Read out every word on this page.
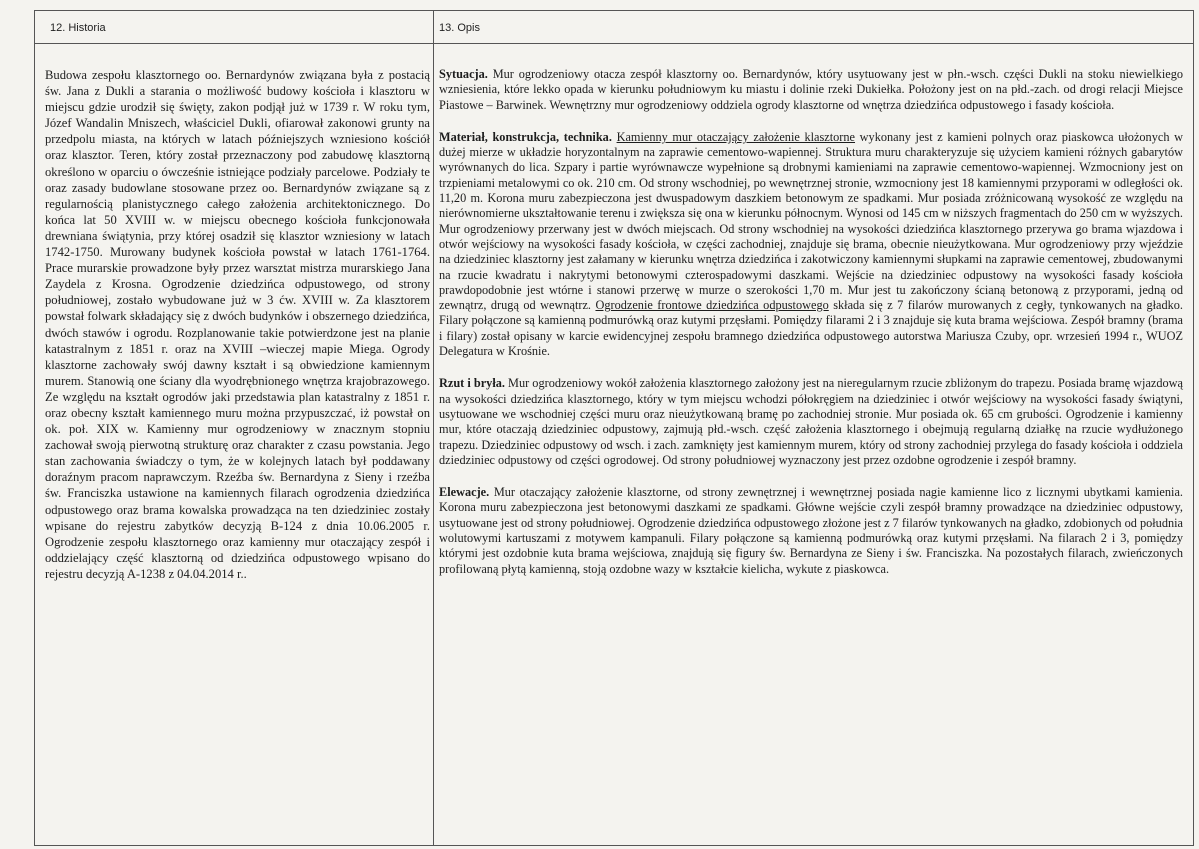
12. Historia	13. Opis

Budowa zespołu klasztornego oo. Bernardynów związana była z postacią św. Jana z Dukli a starania o możliwość budowy kościoła i klasztoru w miejscu gdzie urodził się święty, zakon podjął już w 1739 r. W roku tym, Józef Wandalin Mniszech, właściciel Dukli, ofiarował zakonowi grunty na przedpolu miasta, na których w latach późniejszych wzniesiono kościół oraz klasztor. Teren, który został przeznaczony pod zabudowę klasztorną określono w oparciu o ówcześnie istniejące podziały parcelowe. Podziały te oraz zasady budowlane stosowane przez oo. Bernardynów związane są z regularnością planistycznego całego założenia architektonicznego. Do końca lat 50 XVIII w. w miejscu obecnego kościoła funkcjonowała drewniana świątynia, przy której osadził się klasztor wzniesiony w latach 1742-1750. Murowany budynek kościoła powstał w latach 1761-1764. Prace murarskie prowadzone były przez warsztat mistrza murarskiego Jana Zaydela z Krosna. Ogrodzenie dziedzińca odpustowego, od strony południowej, zostało wybudowane już w 3 ćw. XVIII w. Za klasztorem powstał folwark składający się z dwóch budynków i obszernego dziedzińca, dwóch stawów i ogrodu. Rozplanowanie takie potwierdzone jest na planie katastralnym z 1851 r. oraz na XVIII –wieczej mapie Miega. Ogrody klasztorne zachowały swój dawny kształt i są obwiedzione kamiennym murem. Stanowią one ściany dla wyodrębnionego wnętrza krajobrazowego. Ze względu na kształt ogrodów jaki przedstawia plan katastralny z 1851 r. oraz obecny kształt kamiennego muru można przypuszczać, iż powstał on ok. poł. XIX w. Kamienny mur ogrodzeniowy w znacznym stopniu zachował swoją pierwotną strukturę oraz charakter z czasu powstania. Jego stan zachowania świadczy o tym, że w kolejnych latach był poddawany doraźnym pracom naprawczym. Rzeźba św. Bernardyna z Sieny i rzeźba św. Franciszka ustawione na kamiennych filarach ogrodzenia dziedzińca odpustowego oraz brama kowalska prowadząca na ten dziedziniec zostały wpisane do rejestru zabytków decyzją B-124 z dnia 10.06.2005 r. Ogrodzenie zespołu klasztornego oraz kamienny mur otaczający zespół i oddzielający część klasztorną od dziedzińca odpustowego wpisano do rejestru decyzją A-1238 z 04.04.2014 r..

Sytuacja. Mur ogrodzeniowy otacza zespół klasztorny oo. Bernardynów, który usytuowany jest w płn.-wsch. części Dukli na stoku niewielkiego wzniesienia, które lekko opada w kierunku południowym ku miastu i dolinie rzeki Dukiełka. Położony jest on na płd.-zach. od drogi relacji Miejsce Piastowe – Barwinek. Wewnętrzny mur ogrodzeniowy oddziela ogrody klasztorne od wnętrza dziedzińca odpustowego i fasady kościoła.

Materiał, konstrukcja, technika. Kamienny mur otaczający założenie klasztorne wykonany jest z kamieni polnych oraz piaskowca ułożonych w dużej mierze w układzie horyzontalnym na zaprawie cementowo-wapiennej. Struktura muru charakteryzuje się użyciem kamieni różnych gabarytów wyrównanych do lica. Szpary i partie wyrównawcze wypełnione są drobnymi kamieniami na zaprawie cementowo-wapiennej. Wzmocniony jest on trzpieniami metalowymi co ok. 210 cm. Od strony wschodniej, po wewnętrznej stronie, wzmocniony jest 18 kamiennymi przyporami w odległości ok. 11,20 m. Korona muru zabezpieczona jest dwuspadowym daszkiem betonowym ze spadkami. Mur posiada zróżnicowaną wysokość ze względu na nierównomierne ukształtowanie terenu i zwiększa się ona w kierunku północnym. Wynosi od 145 cm w niższych fragmentach do 250 cm w wyższych. Mur ogrodzeniowy przerwany jest w dwóch miejscach. Od strony wschodniej na wysokości dziedzińca klasztornego przerywa go brama wjazdowa i otwór wejściowy na wysokości fasady kościoła, w części zachodniej, znajduje się brama, obecnie nieużytkowana. Mur ogrodzeniowy przy wjeździe na dziedziniec klasztorny jest załamany w kierunku wnętrza dziedzińca i zakotwiczony kamiennymi słupkami na zaprawie cementowej, zbudowanymi na rzucie kwadratu i nakrytymi betonowymi czterospadowymi daszkami. Wejście na dziedziniec odpustowy na wysokości fasady kościoła prawdopodobnie jest wtórne i stanowi przerwę w murze o szerokości 1,70 m. Mur jest tu zakończony ścianą betonową z przyporami, jedną od zewnątrz, drugą od wewnątrz. Ogrodzenie frontowe dziedzińca odpustowego składa się z 7 filarów murowanych z cegły, tynkowanych na gładko. Filary połączone są kamienną podmurówką oraz kutymi przęsłami. Pomiędzy filarami 2 i 3 znajduje się kuta brama wejściowa. Zespół bramny (brama i filary) został opisany w karcie ewidencyjnej zespołu bramnego dziedzińca odpustowego autorstwa Mariusza Czuby, opr. wrzesień 1994 r., WUOZ Delegatura w Krośnie.

Rzut i bryła. Mur ogrodzeniowy wokół założenia klasztornego założony jest na nieregularnym rzucie zbliżonym do trapezu. Posiada bramę wjazdową na wysokości dziedzińca klasztornego, który w tym miejscu wchodzi półokręgiem na dziedziniec i otwór wejściowy na wysokości fasady świątyni, usytuowane we wschodniej części muru oraz nieużytkowaną bramę po zachodniej stronie. Mur posiada ok. 65 cm grubości. Ogrodzenie i kamienny mur, które otaczają dziedziniec odpustowy, zajmują płd.-wsch. część założenia klasztornego i obejmują regularną działkę na rzucie wydłużonego trapezu. Dziedziniec odpustowy od wsch. i zach. zamknięty jest kamiennym murem, który od strony zachodniej przylega do fasady kościoła i oddziela dziedziniec odpustowy od części ogrodowej. Od strony południowej wyznaczony jest przez ozdobne ogrodzenie i zespół bramny.

Elewacje. Mur otaczający założenie klasztorne, od strony zewnętrznej i wewnętrznej posiada nagie kamienne lico z licznymi ubytkami kamienia. Korona muru zabezpieczona jest betonowymi daszkami ze spadkami. Główne wejście czyli zespół bramny prowadzące na dziedziniec odpustowy, usytuowane jest od strony południowej. Ogrodzenie dziedzińca odpustowego złożone jest z 7 filarów tynkowanych na gładko, zdobionych od południa wolutowymi kartuszami z motywem kampanuli. Filary połączone są kamienną podmurówką oraz kutymi przęsłami. Na filarach 2 i 3, pomiędzy którymi jest ozdobnie kuta brama wejściowa, znajdują się figury św. Bernardyna ze Sieny i św. Franciszka. Na pozostałych filarach, zwieńczonych profilowaną płytą kamienną, stoją ozdobne wazy w kształcie kielicha, wykute z piaskowca.
